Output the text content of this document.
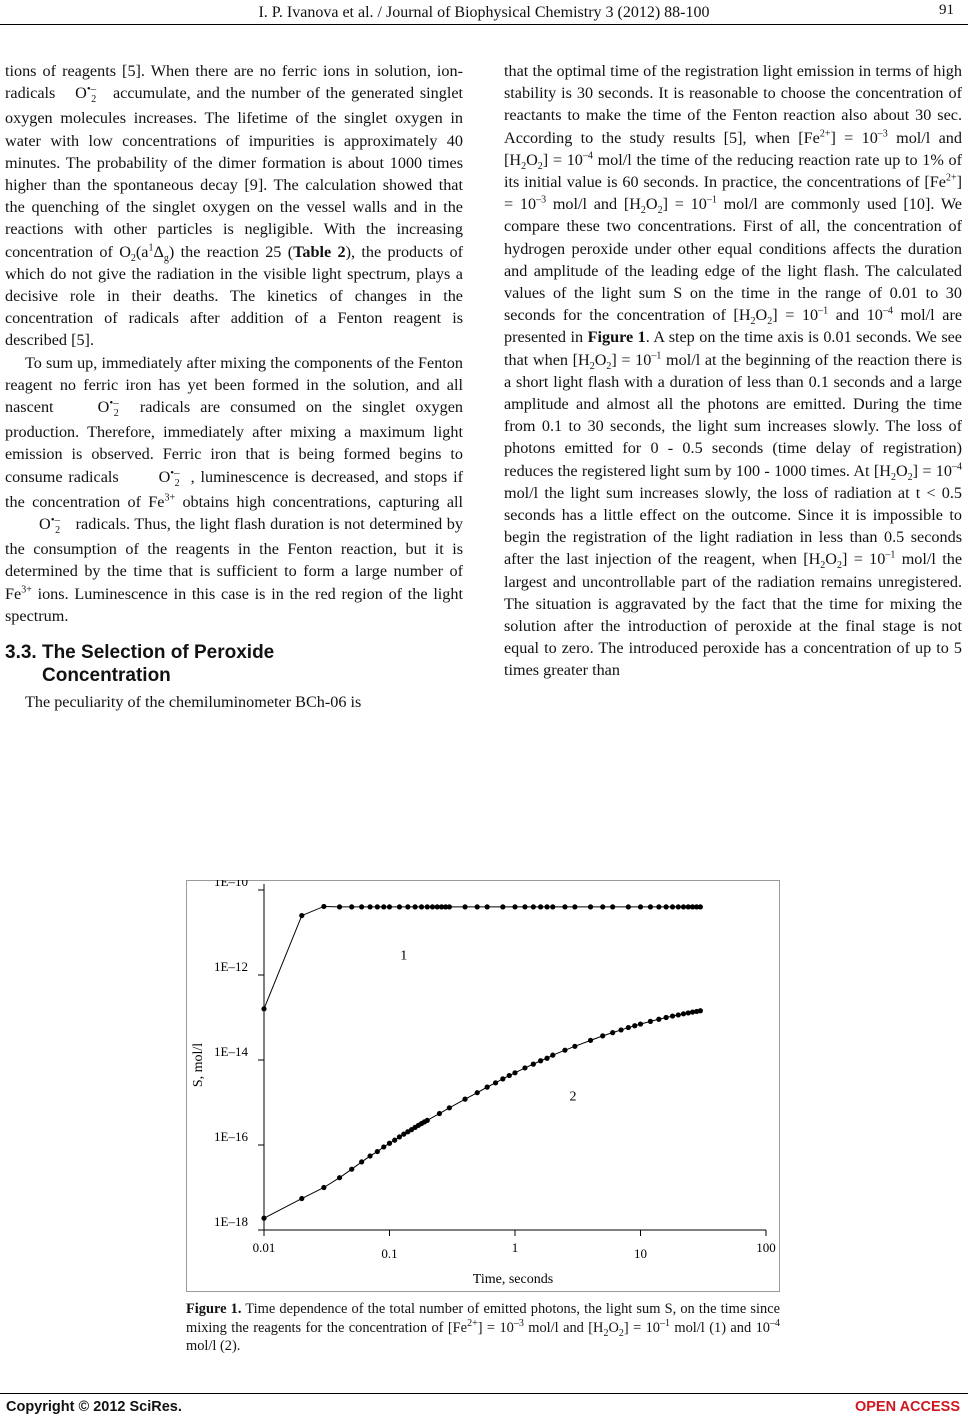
I. P. Ivanova et al. / Journal of Biophysical Chemistry 3 (2012) 88-100	91

tions of reagents [5]. When there are no ferric ions in solution, ion-radicals $O^{•-}_2$ accumulate, and the number of the generated singlet oxygen molecules increases. The lifetime of the singlet oxygen in water with low concentrations of impurities is approximately 40 minutes. The probability of the dimer formation is about 1000 times higher than the spontaneous decay [9]. The calculation showed that the quenching of the singlet oxygen on the vessel walls and in the reactions with other particles is negligible. With the increasing concentration of $O_2(a^1\Delta_g)$ the reaction 25 (Table 2), the products of which do not give the radiation in the visible light spectrum, plays a decisive role in their deaths. The kinetics of changes in the concentration of radicals after addition of a Fenton reagent is described [5].

To sum up, immediately after mixing the components of the Fenton reagent no ferric iron has yet been formed in the solution, and all nascent	$O^{•-}_2$ radicals are consumed on the singlet oxygen production. Therefore, immediately after mixing a maximum light emission is observed. Ferric iron that is being formed begins to consume radicals $O^{•-}_2$ , luminescence is decreased, and stops if the concentration of $Fe^{3+}$ obtains high concentrations, capturing all $O^{•-}_2$ radicals. Thus, the light flash duration is not determined by the consumption of the reagents in the Fenton reaction, but it is determined by the time that is sufficient to form a large number of $Fe^{3+}$ ions. Luminescence in this case is in the red region of the light spectrum.

3.3. The Selection of Peroxide
Concentration

The peculiarity of the chemiluminometer BCh-06 is

that the optimal time of the registration light emission in terms of high stability is 30 seconds. It is reasonable to choose the concentration of reactants to make the time of the Fenton reaction also about 30 sec. According to the study results [5], when $[Fe^{2+}] = 10^{-3}$ mol/l and $[H_2O_2] = 10^{-4}$ mol/l the time of the reducing reaction rate up to 1% of its initial value is 60 seconds. In practice, the concentrations of $[Fe^{2+}] = 10^{-3}$ mol/l and $[H_2O_2] = 10^{-1}$ mol/l are commonly used [10]. We compare these two concentrations. First of all, the concentration of hydrogen peroxide under other equal conditions affects the duration and amplitude of the leading edge of the light flash. The calculated values of the light sum S on the time in the range of 0.01 to 30 seconds for the concentration of $[H_2O_2] = 10^{-1}$ and $10^{-4}$ mol/l are presented in Figure 1. A step on the time axis is 0.01 seconds. We see that when $[H_2O_2] = 10^{-1}$ mol/l at the beginning of the reaction there is a short light flash with a duration of less than 0.1 seconds and a large amplitude and almost all the photons are emitted. During the time from 0.1 to 30 seconds, the light sum increases slowly. The loss of photons emitted for 0 - 0.5 seconds (time delay of registration) reduces the registered light sum by 100 - 1000 times. At $[H_2O_2] = 10^{-4}$ mol/l the light sum increases slowly, the loss of radiation at t < 0.5 seconds has a little effect on the outcome. Since it is impossible to begin the registration of the light radiation in less than 0.5 seconds after the last injection of the reagent, when $[H_2O_2] = 10^{-1}$ mol/l the largest and uncontrollable part of the radiation remains unregistered. The situation is aggravated by the fact that the time for mixing the solution after the introduction of peroxide at the final stage is not equal to zero. The introduced peroxide has a concentration of up to 5 times greater than

0.01	0.1	1	10	100
1E–18
1E–16
1E–14
1E–12
1E–10
1
2
Time, seconds
S, mol/l
Figure 1. Time dependence of the total number of emitted photons, the light sum S, on the time since mixing the reagents for the concentration of $[Fe^{2+}] = 10^{-3}$ mol/l and $[H_2O_2] = 10^{-1}$ mol/l (1) and $10^{-4}$ mol/l (2).
Copyright © 2012 SciRes.	OPEN ACCESS
